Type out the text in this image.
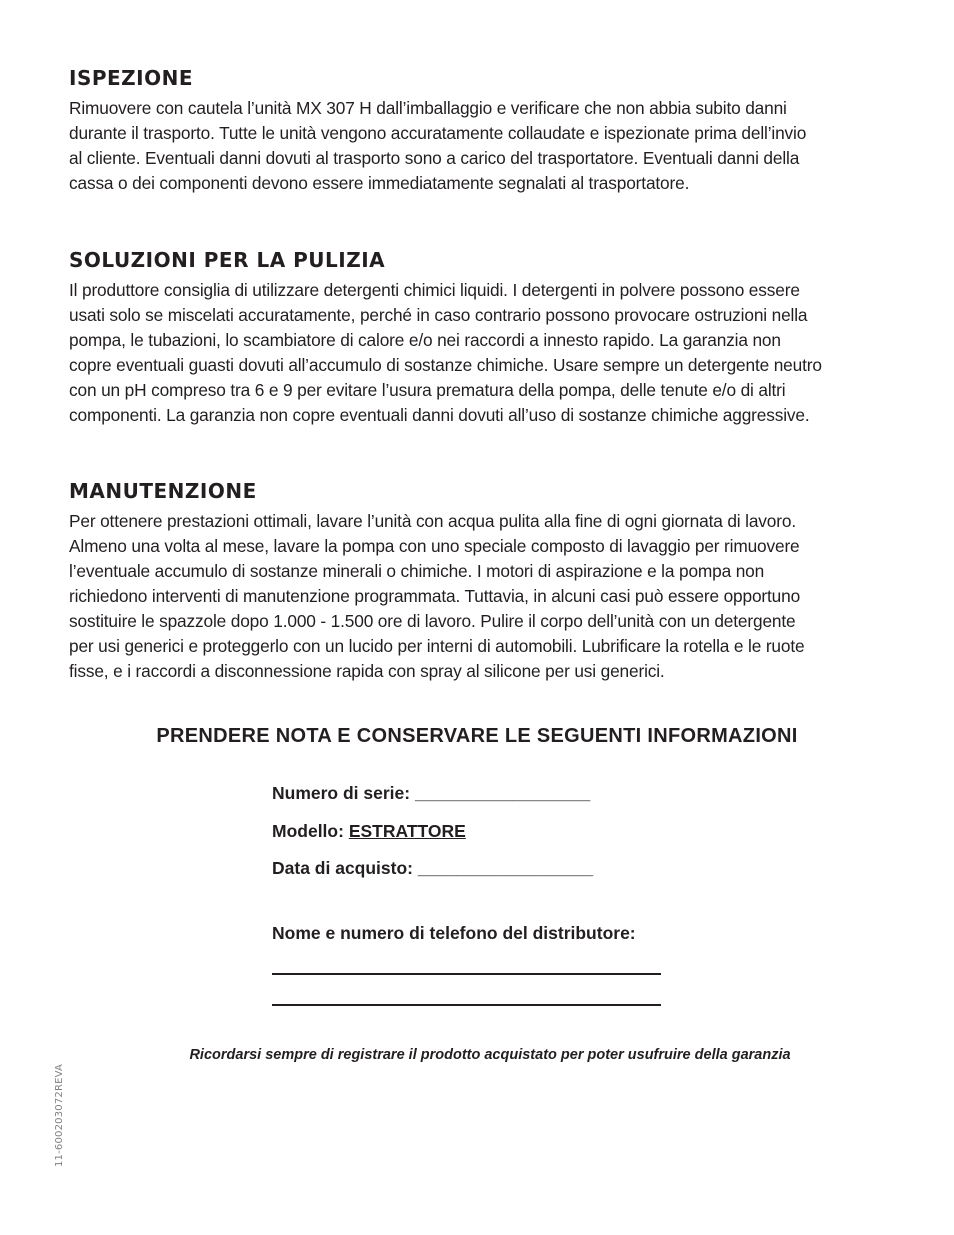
ISPEZIONE

Rimuovere con cautela l’unità MX 307 H dall’imballaggio e verificare che non abbia subito danni
durante il trasporto. Tutte le unità vengono accuratamente collaudate e ispezionate prima dell’invio
al cliente. Eventuali danni dovuti al trasporto sono a carico del trasportatore. Eventuali danni della
cassa o dei componenti devono essere immediatamente segnalati al trasportatore.

SOLUZIONI PER LA PULIZIA

Il produttore consiglia di utilizzare detergenti chimici liquidi. I detergenti in polvere possono essere
usati solo se miscelati accuratamente, perché in caso contrario possono provocare ostruzioni nella
pompa, le tubazioni, lo scambiatore di calore e/o nei raccordi a innesto rapido. La garanzia non
copre eventuali guasti dovuti all’accumulo di sostanze chimiche. Usare sempre un detergente neutro
con un pH compreso tra 6 e 9 per evitare l’usura prematura della pompa, delle tenute e/o di altri
componenti. La garanzia non copre eventuali danni dovuti all’uso di sostanze chimiche aggressive.

MANUTENZIONE

Per ottenere prestazioni ottimali, lavare l’unità con acqua pulita alla fine di ogni giornata di lavoro.
Almeno una volta al mese, lavare la pompa con uno speciale composto di lavaggio per rimuovere
l’eventuale accumulo di sostanze minerali o chimiche. I motori di aspirazione e la pompa non
richiedono interventi di manutenzione programmata. Tuttavia, in alcuni casi può essere opportuno
sostituire le spazzole dopo 1.000 - 1.500 ore di lavoro. Pulire il corpo dell’unità con un detergente
per usi generici e proteggerlo con un lucido per interni di automobili. Lubrificare la rotella e le ruote
fisse, e i raccordi a disconnessione rapida con spray al silicone per usi generici.

PRENDERE NOTA E CONSERVARE LE SEGUENTI INFORMAZIONI
Numero di serie: __________________
Modello: ESTRATTORE
Data di acquisto: __________________
Nome e numero di telefono del distributore:
Ricordarsi sempre di registrare il prodotto acquistato per poter usufruire della garanzia
11-600203072REVA
